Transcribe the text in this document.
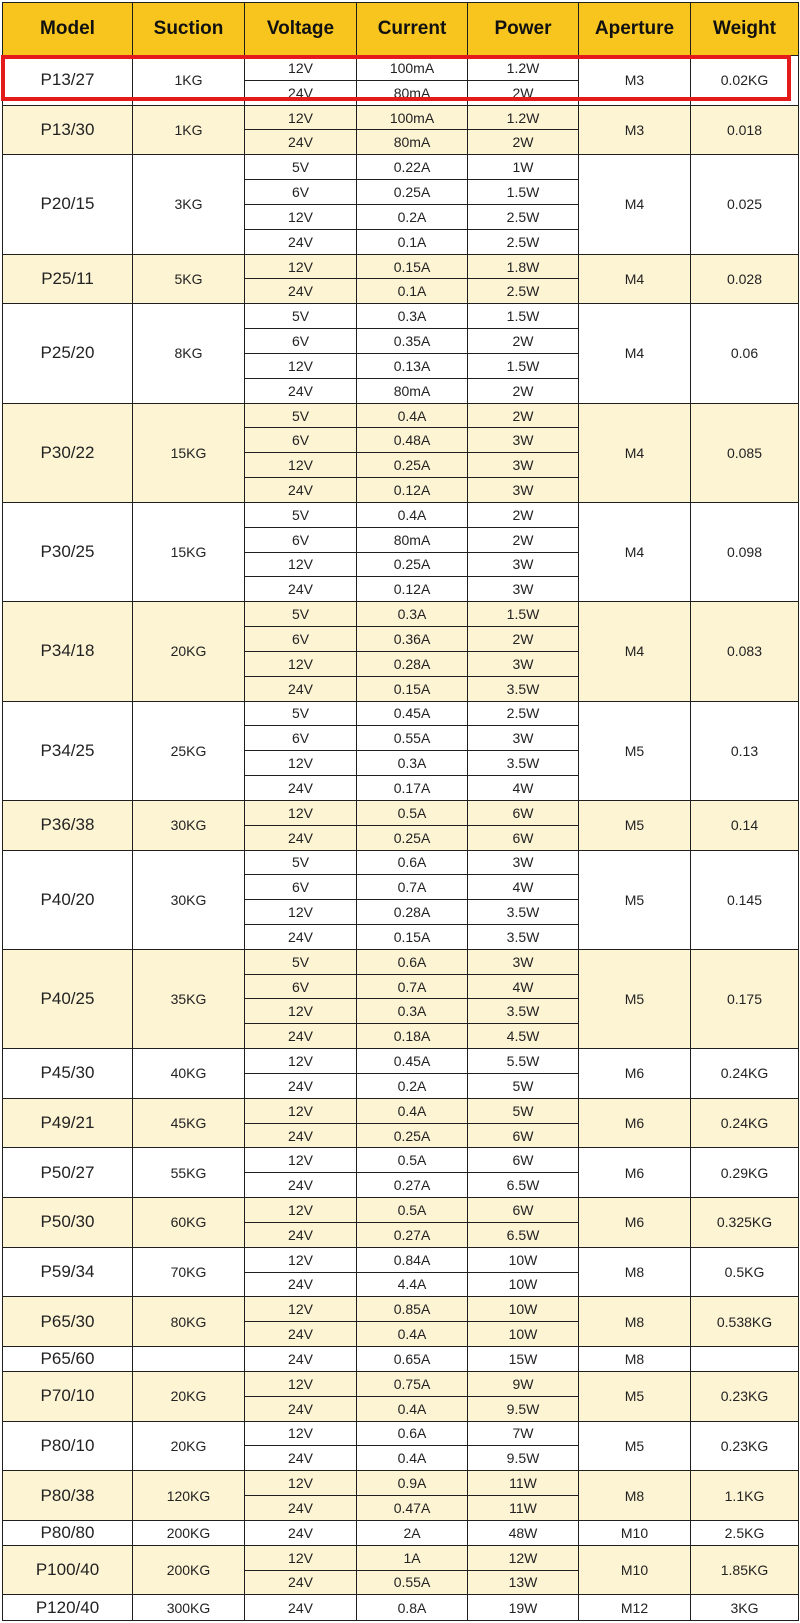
Model	Suction	Voltage	Current	Power	Aperture	Weight
P13/27	1KG	12V	100mA	1.2W	M3	0.02KG
		24V	80mA	2W		
P13/30	1KG	12V	100mA	1.2W	M3	0.018
		24V	80mA	2W		
P20/15	3KG	5V	0.22A	1W	M4	0.025
		6V	0.25A	1.5W		
		12V	0.2A	2.5W		
		24V	0.1A	2.5W		
P25/11	5KG	12V	0.15A	1.8W	M4	0.028
		24V	0.1A	2.5W		
P25/20	8KG	5V	0.3A	1.5W	M4	0.06
		6V	0.35A	2W		
		12V	0.13A	1.5W		
		24V	80mA	2W		
P30/22	15KG	5V	0.4A	2W	M4	0.085
		6V	0.48A	3W		
		12V	0.25A	3W		
		24V	0.12A	3W		
P30/25	15KG	5V	0.4A	2W	M4	0.098
		6V	80mA	2W		
		12V	0.25A	3W		
		24V	0.12A	3W		
P34/18	20KG	5V	0.3A	1.5W	M4	0.083
		6V	0.36A	2W		
		12V	0.28A	3W		
		24V	0.15A	3.5W		
P34/25	25KG	5V	0.45A	2.5W	M5	0.13
		6V	0.55A	3W		
		12V	0.3A	3.5W		
		24V	0.17A	4W		
P36/38	30KG	12V	0.5A	6W	M5	0.14
		24V	0.25A	6W		
P40/20	30KG	5V	0.6A	3W	M5	0.145
		6V	0.7A	4W		
		12V	0.28A	3.5W		
		24V	0.15A	3.5W		
P40/25	35KG	5V	0.6A	3W	M5	0.175
		6V	0.7A	4W		
		12V	0.3A	3.5W		
		24V	0.18A	4.5W		
P45/30	40KG	12V	0.45A	5.5W	M6	0.24KG
		24V	0.2A	5W		
P49/21	45KG	12V	0.4A	5W	M6	0.24KG
		24V	0.25A	6W		
P50/27	55KG	12V	0.5A	6W	M6	0.29KG
		24V	0.27A	6.5W		
P50/30	60KG	12V	0.5A	6W	M6	0.325KG
		24V	0.27A	6.5W		
P59/34	70KG	12V	0.84A	10W	M8	0.5KG
		24V	4.4A	10W		
P65/30	80KG	12V	0.85A	10W	M8	0.538KG
		24V	0.4A	10W		
P65/60		24V	0.65A	15W	M8	
P70/10	20KG	12V	0.75A	9W	M5	0.23KG
		24V	0.4A	9.5W		
P80/10	20KG	12V	0.6A	7W	M5	0.23KG
		24V	0.4A	9.5W		
P80/38	120KG	12V	0.9A	11W	M8	1.1KG
		24V	0.47A	11W		
P80/80	200KG	24V	2A	48W	M10	2.5KG
P100/40	200KG	12V	1A	12W	M10	1.85KG
		24V	0.55A	13W		
P120/40	300KG	24V	0.8A	19W	M12	3KG
